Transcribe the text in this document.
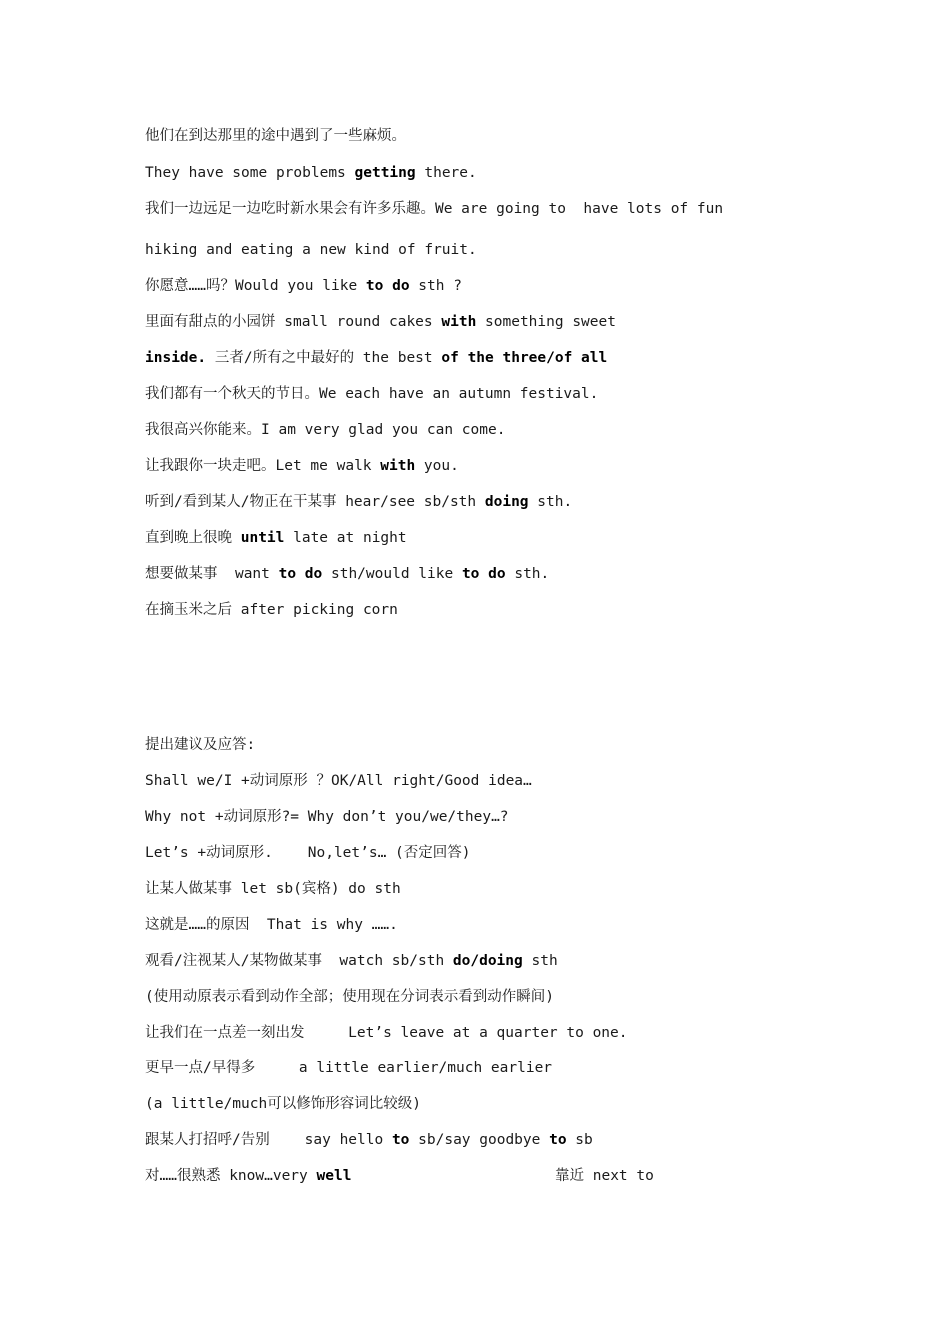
他们在到达那里的途中遇到了一些麻烦。
They have some problems getting there.
我们一边远足一边吃时新水果会有许多乐趣。We are going to  have lots of fun
hiking and eating a new kind of fruit.
你愿意……吗？Would you like to do sth ?
里面有甜点的小园饼 small round cakes with something sweet
inside. 三者/所有之中最好的 the best of the three/of all
我们都有一个秋天的节日。We each have an autumn festival.
我很高兴你能来。I am very glad you can come.
让我跟你一块走吧。Let me walk with you.
听到/看到某人/物正在干某事 hear/see sb/sth doing sth.
直到晚上很晚 until late at night
想要做某事  want to do sth/would like to do sth.
在摘玉米之后 after picking corn
提出建议及应答:
Shall we/I +动词原形 ？OK/All right/Good idea…
Why not +动词原形?= Why don’t you/we/they…?
Let’s +动词原形.    No,let’s… (否定回答)
让某人做某事 let sb(宾格) do sth
这就是……的原因  That is why …….
观看/注视某人/某物做某事  watch sb/sth do/doing sth
(使用动原表示看到动作全部；使用现在分词表示看到动作瞬间)
让我们在一点差一刻出发     Let’s leave at a quarter to one.
更早一点/早得多     a little earlier/much earlier
(a little/much可以修饰形容词比较级)
跟某人打招呼/告别    say hello to sb/say goodbye to sb
对……很熟悉 know…very well	靠近 next to
